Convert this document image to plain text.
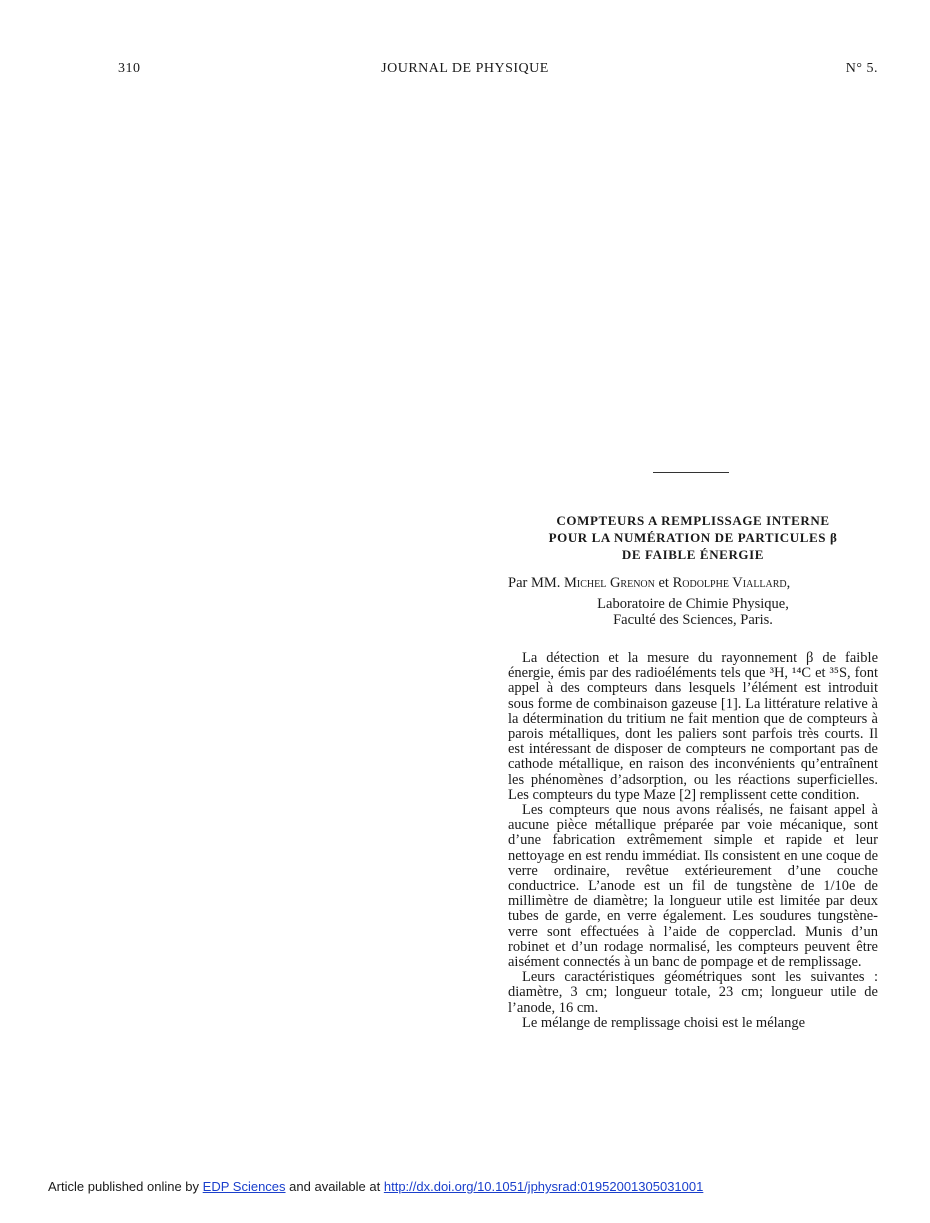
310	JOURNAL DE PHYSIQUE	N° 5.
COMPTEURS A REMPLISSAGE INTERNE
POUR LA NUMÉRATION DE PARTICULES β
DE FAIBLE ÉNERGIE
Par MM. Michel Grenon et Rodolphe Viallard,
Laboratoire de Chimie Physique,
Faculté des Sciences, Paris.

La détection et la mesure du rayonnement β de faible énergie, émis par des radioéléments tels que ³H, ¹⁴C et ³⁵S, font appel à des compteurs dans lesquels l’élément est introduit sous forme de combinaison gazeuse [1]. La littérature relative à la détermination du tritium ne fait mention que de compteurs à parois métalliques, dont les paliers sont parfois très courts. Il est intéressant de disposer de compteurs ne comportant pas de cathode métallique, en raison des inconvénients qu’entraînent les phénomènes d’adsorption, ou les réactions superficielles. Les compteurs du type Maze [2] remplissent cette condition.

Les compteurs que nous avons réalisés, ne faisant appel à aucune pièce métallique préparée par voie mécanique, sont d’une fabrication extrêmement simple et rapide et leur nettoyage en est rendu immédiat. Ils consistent en une coque de verre ordinaire, revêtue extérieurement d’une couche conductrice. L’anode est un fil de tungstène de 1/10e de millimètre de diamètre; la longueur utile est limitée par deux tubes de garde, en verre également. Les soudures tungstène-verre sont effectuées à l’aide de copperclad. Munis d’un robinet et d’un rodage normalisé, les compteurs peuvent être aisément connectés à un banc de pompage et de remplissage.

Leurs caractéristiques géométriques sont les suivantes : diamètre, 3 cm; longueur totale, 23 cm; longueur utile de l’anode, 16 cm.

Le mélange de remplissage choisi est le mélange

Article published online by EDP Sciences and available at http://dx.doi.org/10.1051/jphysrad:01952001305031001
